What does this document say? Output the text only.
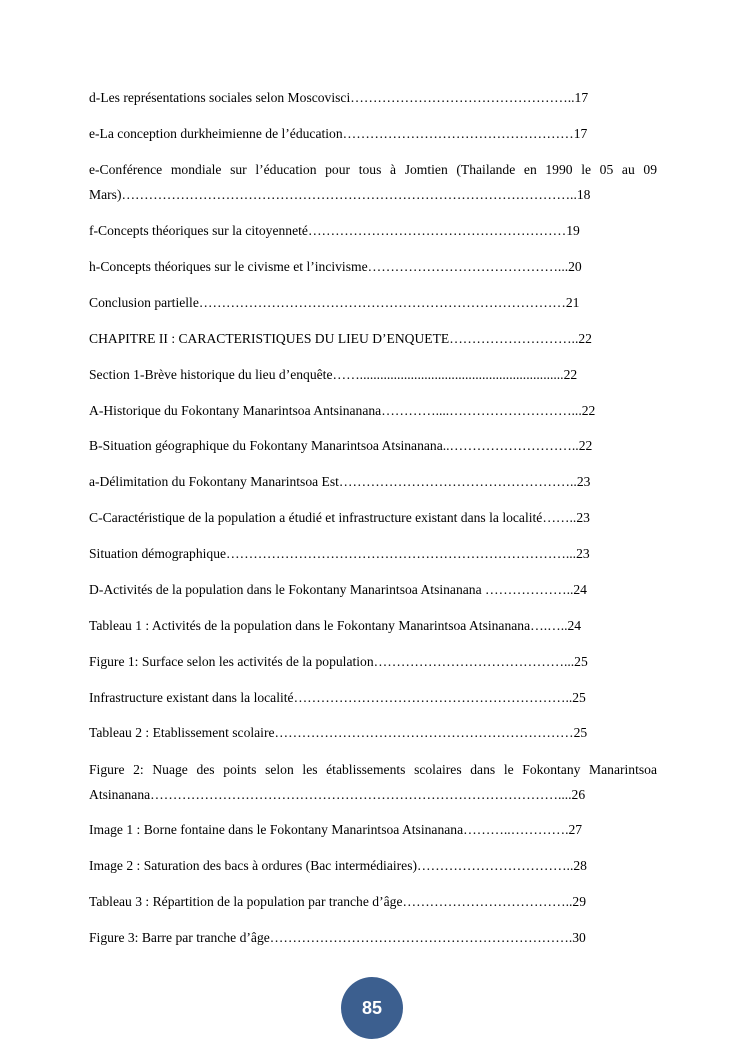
d-Les représentations sociales selon Moscovisci…………………………………………..17
e-La conception durkheimienne de l’éducation……………………………………………17
e-Conférence mondiale sur l’éducation pour tous à Jomtien (Thailande en 1990 le 05 au 09
Mars)………………………………………………………………………………………..18
f-Concepts théoriques sur la citoyenneté…………………………………………………19
h-Concepts théoriques sur le civisme et l’incivisme……………………………………...20
Conclusion partielle………………………………………………………………………21
CHAPITRE II : CARACTERISTIQUES DU LIEU D’ENQUETE………………………..22
Section 1-Brève historique du lieu d’enquête……............................................................22
A-Historique du Fokontany Manarintsoa Antsinanana…………....………………………...22
B-Situation géographique du Fokontany Manarintsoa Atsinanana..………………………..22
a-Délimitation du Fokontany Manarintsoa Est……………………………………………..23
C-Caractéristique de la population a étudié et infrastructure existant dans la localité……..23
Situation démographique…………………………………………………………………...23
D-Activités de la population dans le Fokontany Manarintsoa Atsinanana ………………..24
Tableau 1 : Activités de la population dans le Fokontany Manarintsoa Atsinanana….…..24
Figure 1: Surface selon les activités de la population……………………………………...25
Infrastructure existant dans la localité……………………………………………………..25
Tableau 2 : Etablissement scolaire…………………………………………………………25
Figure 2: Nuage des points selon les établissements scolaires dans le Fokontany Manarintsoa
Atsinanana………………………………………………………………………………....26
Image 1 : Borne fontaine dans le Fokontany Manarintsoa Atsinanana………..………….27
Image 2 : Saturation des bacs à ordures (Bac intermédiaires)……………………………..28
Tableau 3 : Répartition de la population par tranche d’âge………………………………..29
Figure 3: Barre par tranche d’âge………………………………………………………….30
85
